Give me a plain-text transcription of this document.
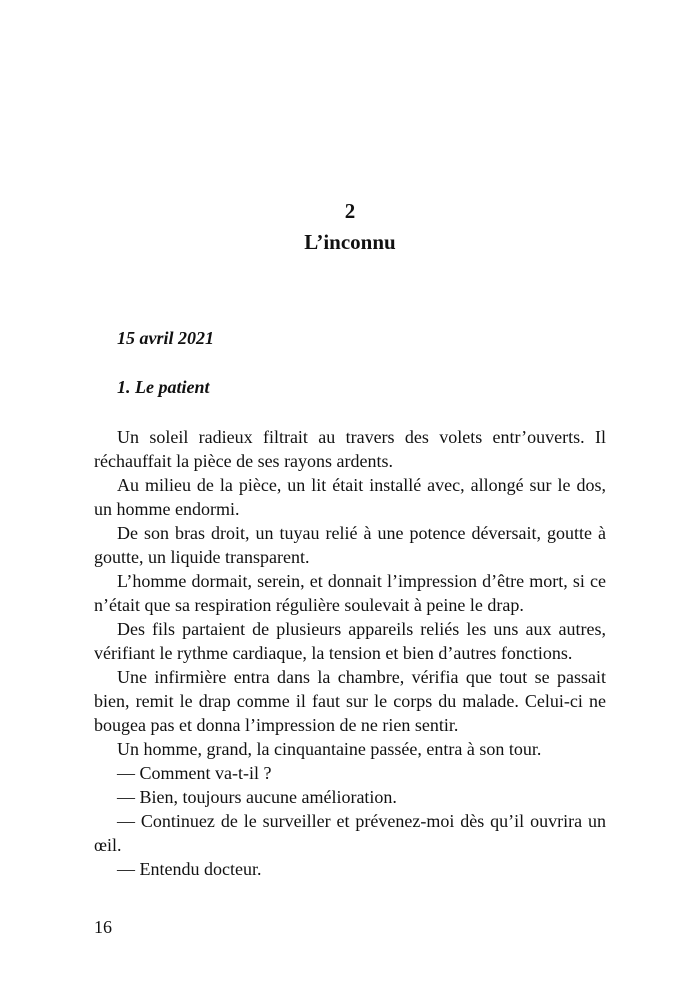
2
L’inconnu
15 avril 2021
1. Le patient

Un soleil radieux filtrait au travers des volets entr’ouverts. Il réchauffait la pièce de ses rayons ardents.

Au milieu de la pièce, un lit était installé avec, allongé sur le dos, un homme endormi.

De son bras droit, un tuyau relié à une potence déversait, goutte à goutte, un liquide transparent.

L’homme dormait, serein, et donnait l’impression d’être mort, si ce n’était que sa respiration régulière soulevait à peine le drap.

Des fils partaient de plusieurs appareils reliés les uns aux autres, vérifiant le rythme cardiaque, la tension et bien d’autres fonctions.

Une infirmière entra dans la chambre, vérifia que tout se passait bien, remit le drap comme il faut sur le corps du malade. Celui-ci ne bougea pas et donna l’impression de ne rien sentir.

Un homme, grand, la cinquantaine passée, entra à son tour.

— Comment va-t-il ?

— Bien, toujours aucune amélioration.

— Continuez de le surveiller et prévenez-moi dès qu’il ouvrira un œil.

— Entendu docteur.

16
